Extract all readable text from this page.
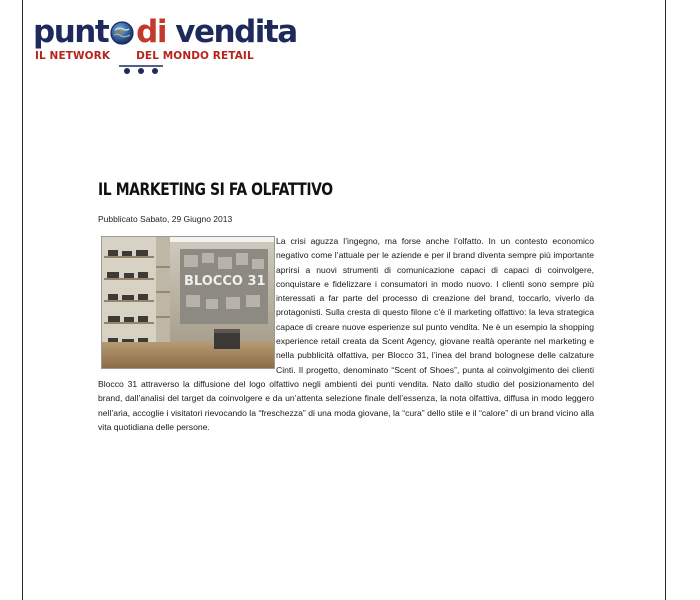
punt di vendita
IL NETWORK DEL MONDO RETAIL
IL MARKETING SI FA OLFATTIVO
Pubblicato Sabato, 29 Giugno 2013
BLOCCO 31
La crisi aguzza l’ingegno, ma forse anche l’olfatto. In un contesto economico negativo come l’attuale per le aziende e per il brand diventa sempre più importante aprirsi a nuovi strumenti di comunicazione capaci di capaci di coinvolgere, conquistare e fidelizzare i consumatori in modo nuovo. I clienti sono sempre più interessati a far parte del processo di creazione del brand, toccarlo, viverlo da protagonisti. Sulla cresta di questo filone c’è il marketing olfattivo: la leva strategica capace di creare nuove esperienze sul punto vendita. Ne è un esempio la shopping experience retail creata da Scent Agency, giovane realtà operante nel marketing e nella pubblicità olfattiva, per Blocco 31, l’inea del brand bolognese delle calzature Cinti. Il progetto, denominato “Scent of Shoes”, punta al coinvolgimento dei clienti Blocco 31 attraverso la diffusione del logo olfattivo negli ambienti dei punti vendita. Nato dallo studio del posizionamento del brand, dall’analisi del target da coinvolgere e da un’attenta selezione finale dell’essenza, la nota olfattiva, diffusa in modo leggero nell’aria, accoglie i visitatori rievocando la “freschezza” di una moda giovane, la “cura” dello stile e il “calore” di un brand vicino alla vita quotidiana delle persone.
